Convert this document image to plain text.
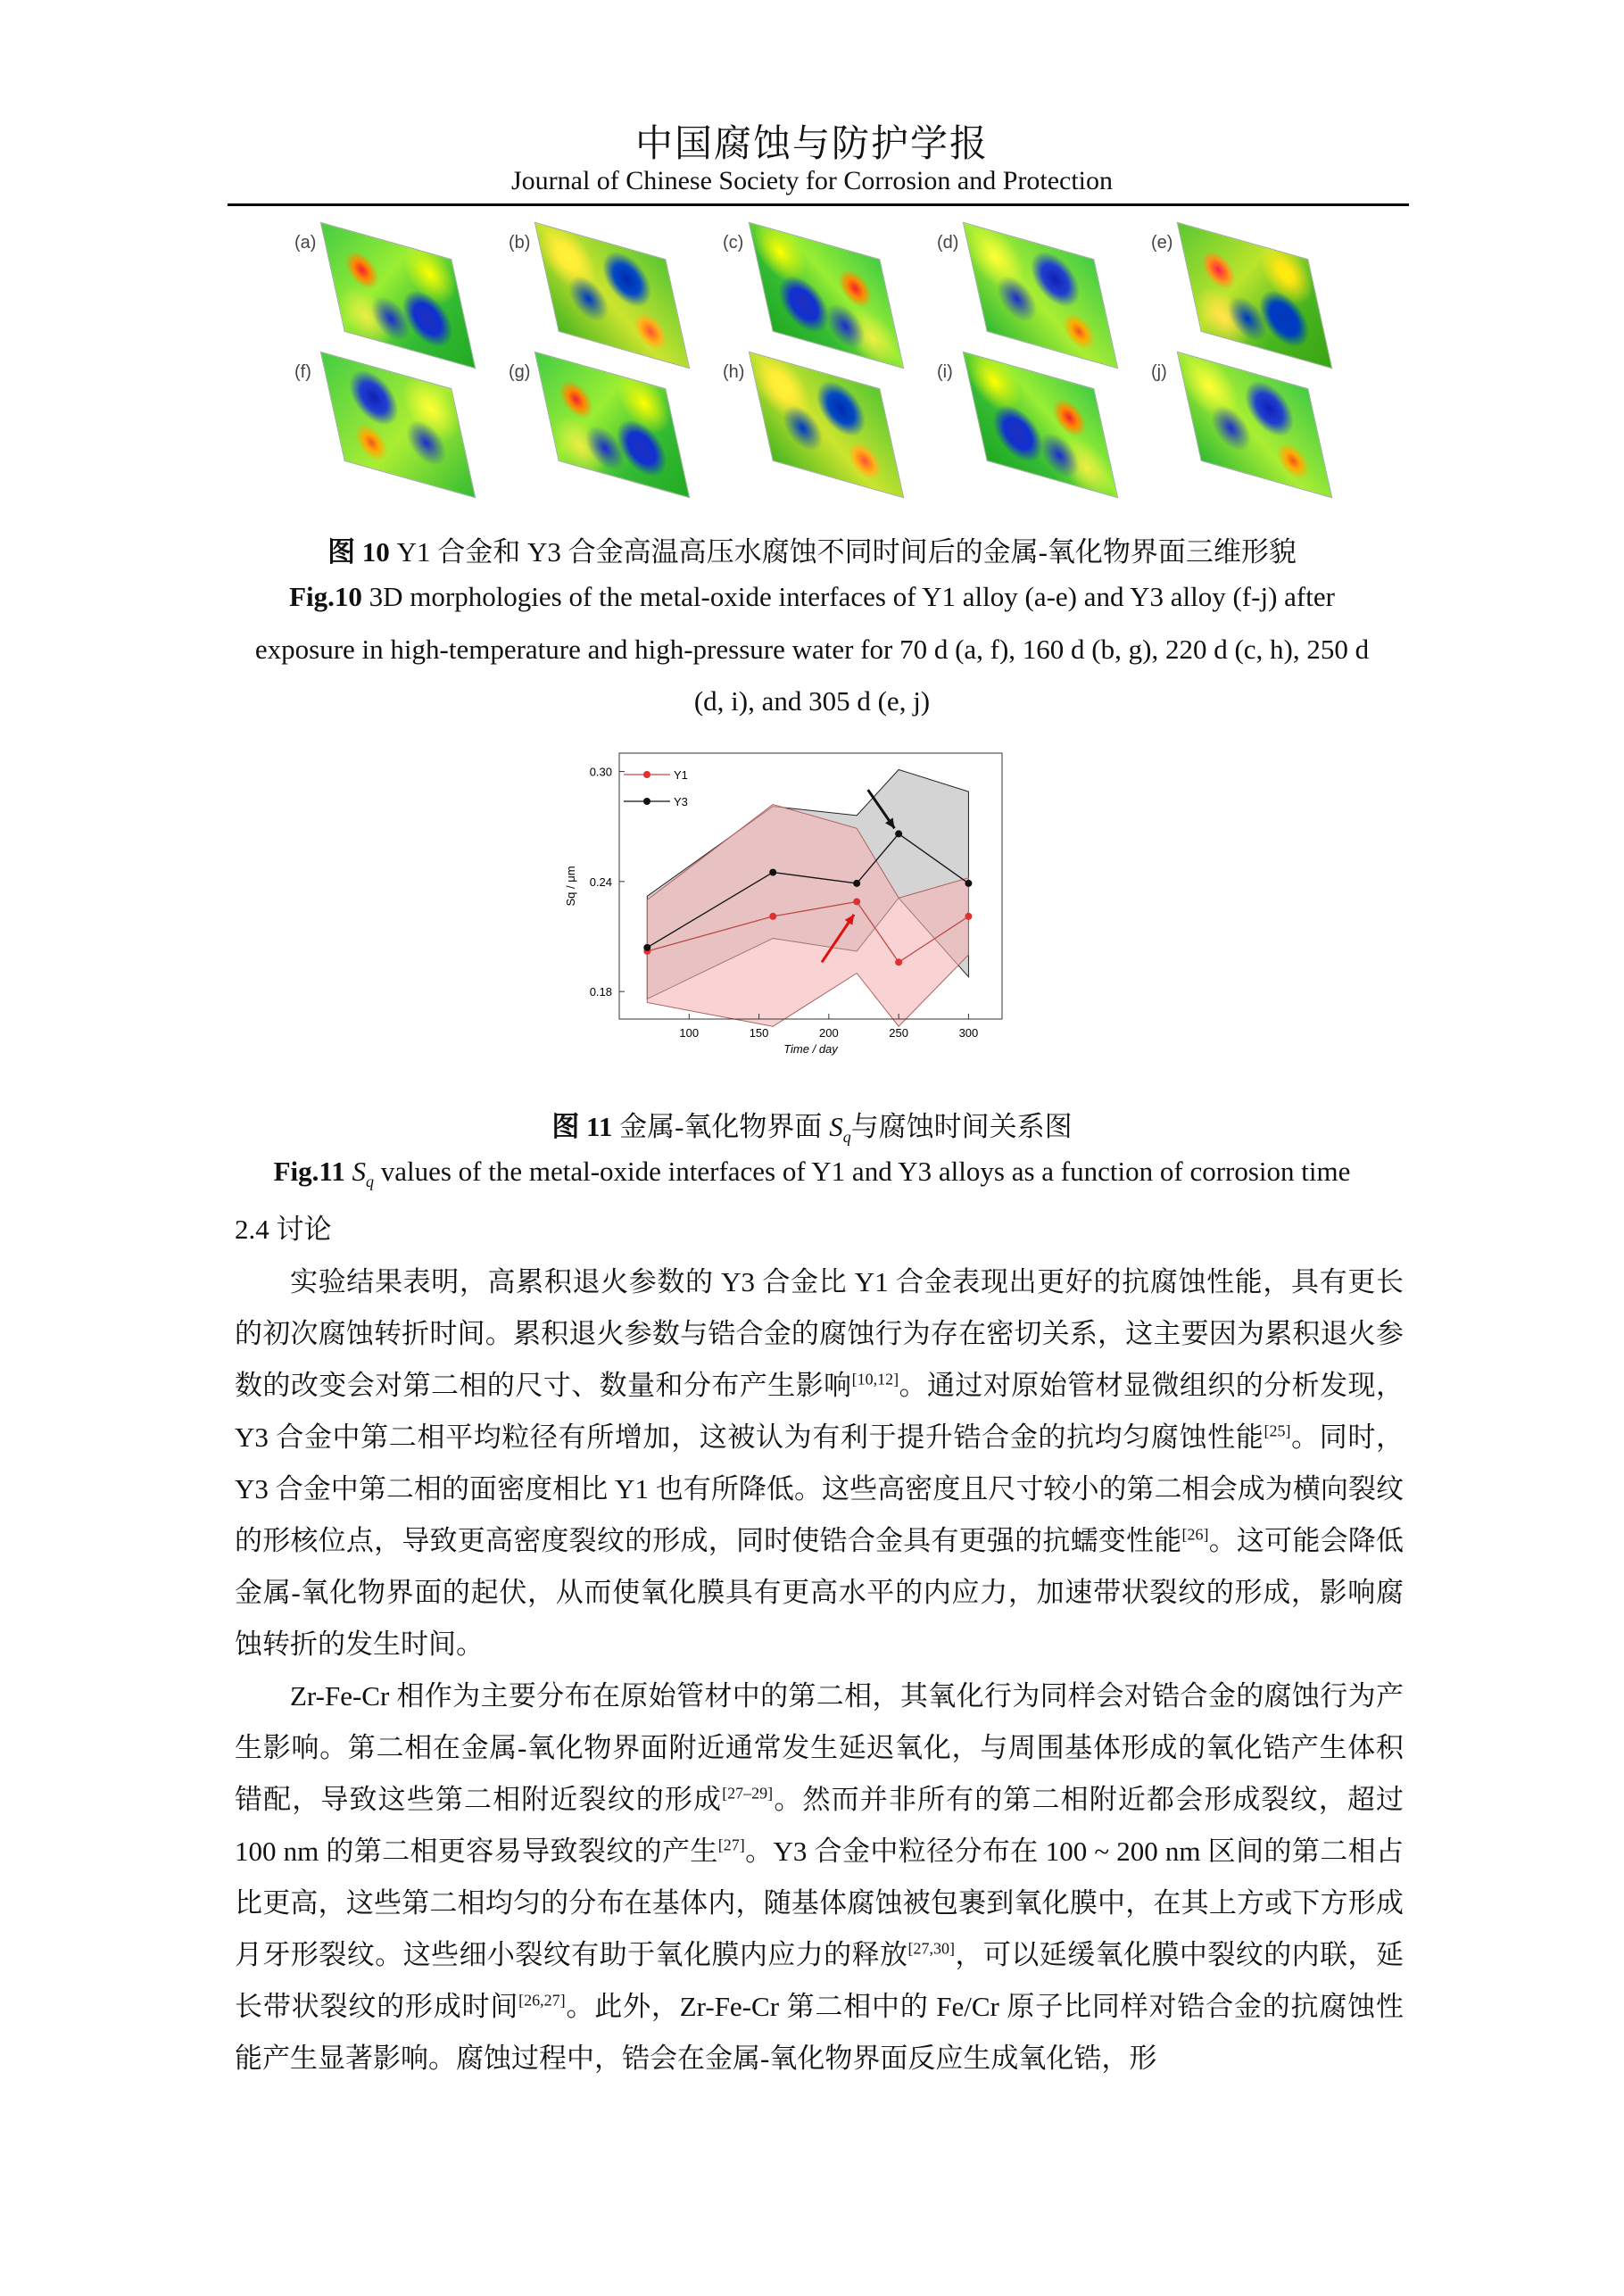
中国腐蚀与防护学报
Journal of Chinese Society for Corrosion and Protection
(a)	(b)	(c)	(d)	(e)
(f)	(g)	(h)	(i)	(j)
图 10 Y1 合金和 Y3 合金高温高压水腐蚀不同时间后的金属-氧化物界面三维形貌
Fig.10 3D morphologies of the metal-oxide interfaces of Y1 alloy (a-e) and Y3 alloy (f-j) after
exposure in high-temperature and high-pressure water for 70 d (a, f), 160 d (b, g), 220 d (c, h), 250 d
(d, i), and 305 d (e, j)
100	150	200	250	300
0.18
0.24
0.30
Time / day
Sq / μm
Y1
Y3
图 11 金属-氧化物界面 $S_q$与腐蚀时间关系图
Fig.11 $S_q$ values of the metal-oxide interfaces of Y1 and Y3 alloys as a function of corrosion time
2.4 讨论

实验结果表明，高累积退火参数的 Y3 合金比 Y1 合金表现出更好的抗腐蚀性能，具有更长的初次腐蚀转折时间。累积退火参数与锆合金的腐蚀行为存在密切关系，这主要因为累积退火参数的改变会对第二相的尺寸、数量和分布产生影响[10,12]。通过对原始管材显微组织的分析发现，Y3 合金中第二相平均粒径有所增加，这被认为有利于提升锆合金的抗均匀腐蚀性能[25]。同时，Y3 合金中第二相的面密度相比 Y1 也有所降低。这些高密度且尺寸较小的第二相会成为横向裂纹的形核位点，导致更高密度裂纹的形成，同时使锆合金具有更强的抗蠕变性能[26]。这可能会降低金属-氧化物界面的起伏，从而使氧化膜具有更高水平的内应力，加速带状裂纹的形成，影响腐蚀转折的发生时间。

Zr-Fe-Cr 相作为主要分布在原始管材中的第二相，其氧化行为同样会对锆合金的腐蚀行为产生影响。第二相在金属-氧化物界面附近通常发生延迟氧化，与周围基体形成的氧化锆产生体积错配，导致这些第二相附近裂纹的形成[27–29]。然而并非所有的第二相附近都会形成裂纹，超过 100 nm 的第二相更容易导致裂纹的产生[27]。Y3 合金中粒径分布在 100 ~ 200 nm 区间的第二相占比更高，这些第二相均匀的分布在基体内，随基体腐蚀被包裹到氧化膜中，在其上方或下方形成月牙形裂纹。这些细小裂纹有助于氧化膜内应力的释放[27,30]，可以延缓氧化膜中裂纹的内联，延长带状裂纹的形成时间[26,27]。此外，Zr-Fe-Cr 第二相中的 Fe/Cr 原子比同样对锆合金的抗腐蚀性能产生显著影响。腐蚀过程中，锆会在金属-氧化物界面反应生成氧化锆，形
